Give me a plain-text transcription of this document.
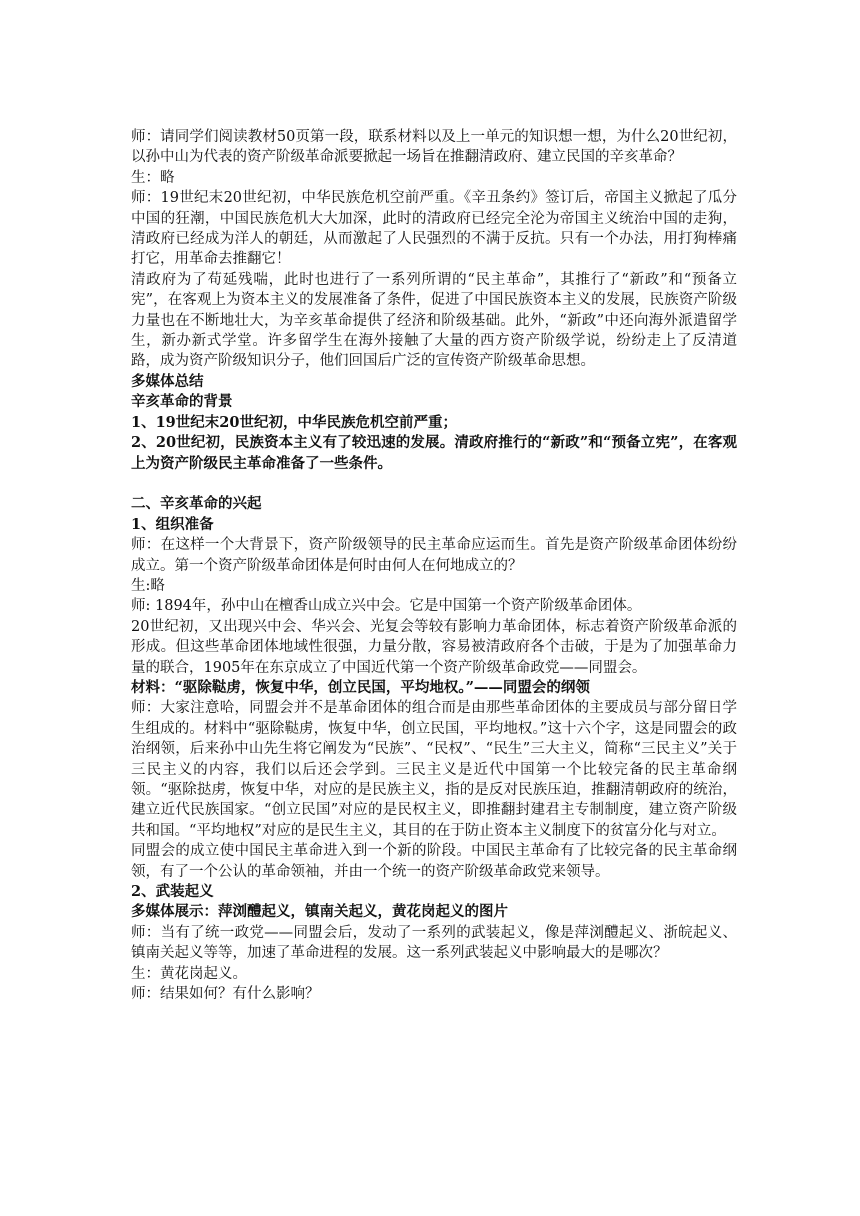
师：请同学们阅读教材50页第一段，联系材料以及上一单元的知识想一想，为什么20世纪初，以孙中山为代表的资产阶级革命派要掀起一场旨在推翻清政府、建立民国的辛亥革命？

生：略

师：19世纪末20世纪初，中华民族危机空前严重。《辛丑条约》签订后，帝国主义掀起了瓜分中国的狂潮，中国民族危机大大加深，此时的清政府已经完全沦为帝国主义统治中国的走狗，清政府已经成为洋人的朝廷，从而激起了人民强烈的不满于反抗。只有一个办法，用打狗棒痛打它，用革命去推翻它！

清政府为了苟延残喘，此时也进行了一系列所谓的“民主革命”，其推行了“新政”和“预备立宪”，在客观上为资本主义的发展准备了条件，促进了中国民族资本主义的发展，民族资产阶级力量也在不断地壮大，为辛亥革命提供了经济和阶级基础。此外，“新政”中还向海外派遣留学生，新办新式学堂。许多留学生在海外接触了大量的西方资产阶级学说，纷纷走上了反清道路，成为资产阶级知识分子，他们回国后广泛的宣传资产阶级革命思想。

多媒体总结

辛亥革命的背景

1、19世纪末20世纪初，中华民族危机空前严重；

2、20世纪初，民族资本主义有了较迅速的发展。清政府推行的“新政”和“预备立宪”，在客观上为资产阶级民主革命准备了一些条件。

二、辛亥革命的兴起

1、组织准备

师：在这样一个大背景下，资产阶级领导的民主革命应运而生。首先是资产阶级革命团体纷纷成立。第一个资产阶级革命团体是何时由何人在何地成立的？

生:略

师: 1894年，孙中山在檀香山成立兴中会。它是中国第一个资产阶级革命团体。

20世纪初，又出现兴中会、华兴会、光复会等较有影响力革命团体，标志着资产阶级革命派的形成。但这些革命团体地域性很强，力量分散，容易被清政府各个击破，于是为了加强革命力量的联合，1905年在东京成立了中国近代第一个资产阶级革命政党——同盟会。

材料：“驱除鞑虏，恢复中华，创立民国，平均地权。”——同盟会的纲领

师：大家注意哈，同盟会并不是革命团体的组合而是由那些革命团体的主要成员与部分留日学生组成的。材料中“驱除鞑虏，恢复中华，创立民国，平均地权。”这十六个字，这是同盟会的政治纲领，后来孙中山先生将它阐发为“民族”、“民权”、“民生”三大主义，简称“三民主义”关于三民主义的内容，我们以后还会学到。三民主义是近代中国第一个比较完备的民主革命纲领。“驱除挞虏，恢复中华，对应的是民族主义，指的是反对民族压迫，推翻清朝政府的统治，建立近代民族国家。“创立民国”对应的是民权主义，即推翻封建君主专制制度，建立资产阶级共和国。“平均地权”对应的是民生主义，其目的在于防止资本主义制度下的贫富分化与对立。

同盟会的成立使中国民主革命进入到一个新的阶段。中国民主革命有了比较完备的民主革命纲领，有了一个公认的革命领袖，并由一个统一的资产阶级革命政党来领导。

2、武装起义

多媒体展示：萍浏醴起义，镇南关起义，黄花岗起义的图片

师：当有了统一政党——同盟会后，发动了一系列的武装起义，像是萍浏醴起义、浙皖起义、镇南关起义等等，加速了革命进程的发展。这一系列武装起义中影响最大的是哪次？

生：黄花岗起义。

师：结果如何？有什么影响？
